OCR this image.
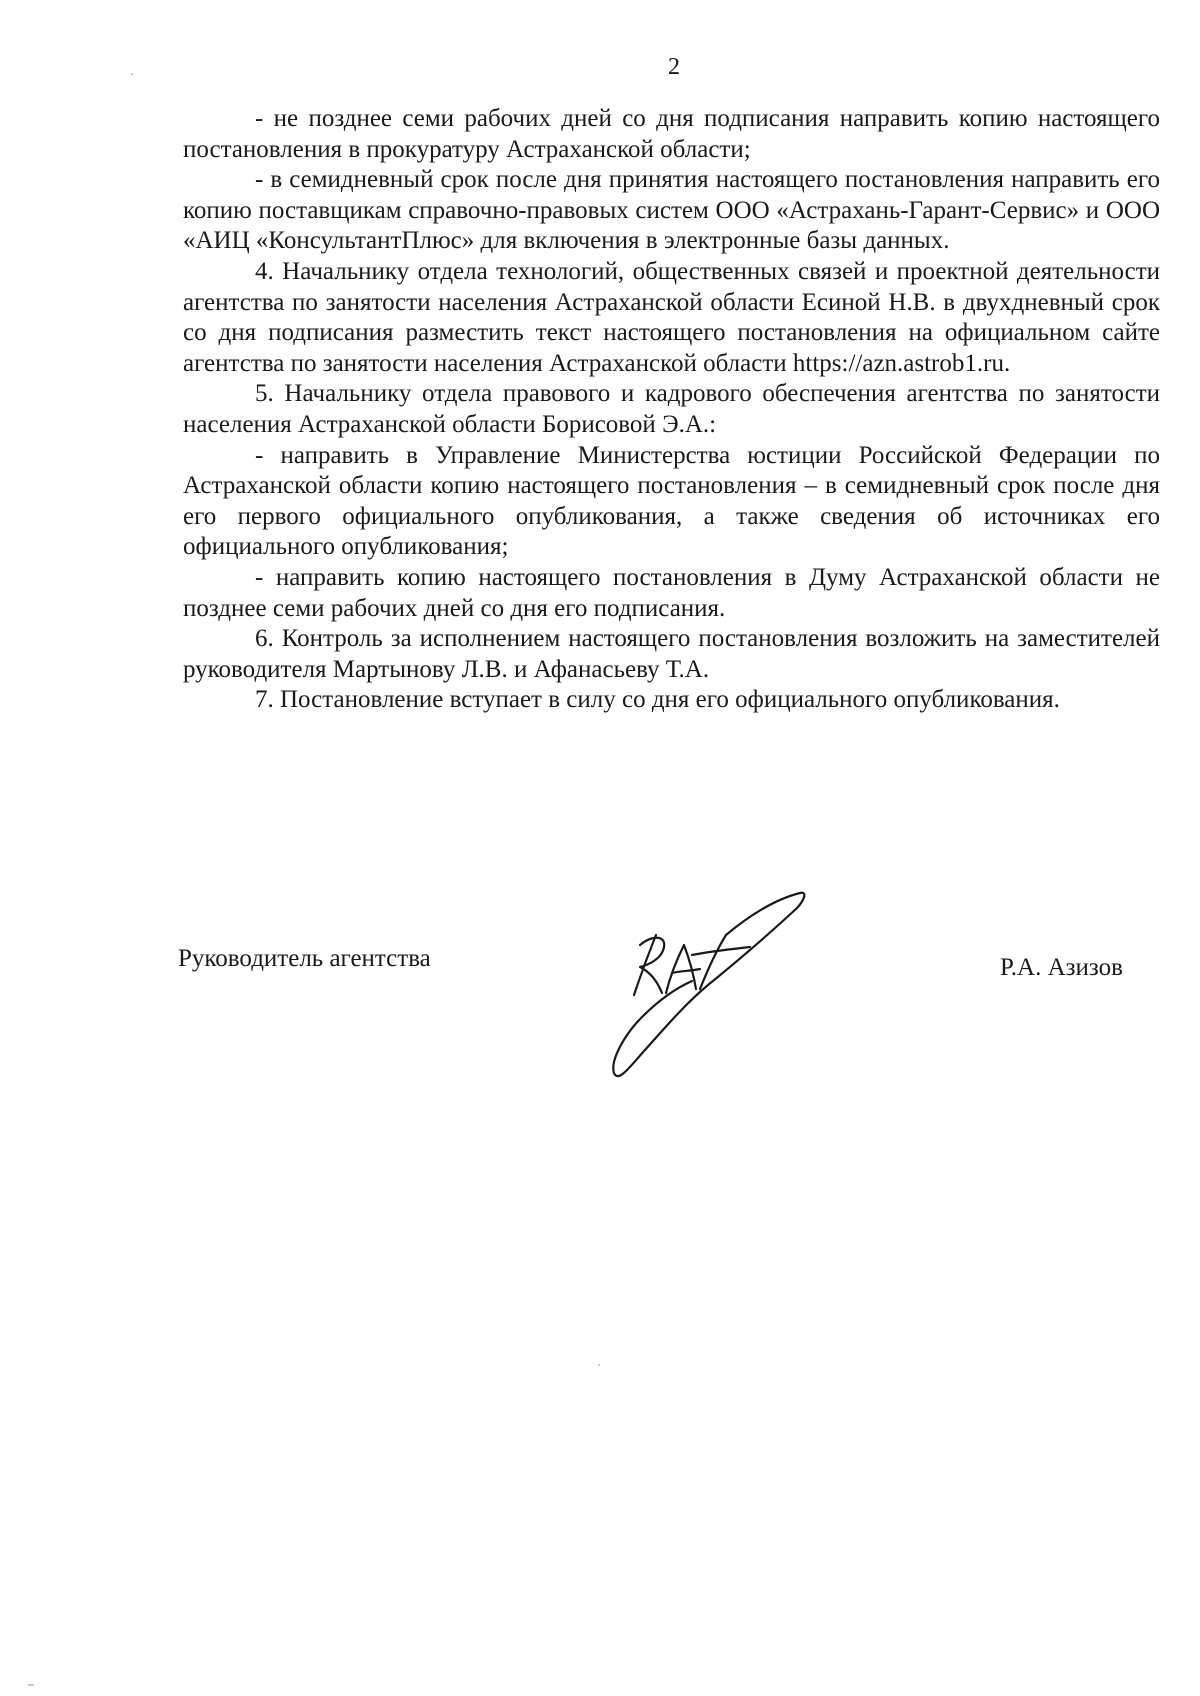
2

- не позднее семи рабочих дней со дня подписания направить копию настоящего постановления в прокуратуру Астраханской области;

- в семидневный срок после дня принятия настоящего постановления направить его копию поставщикам справочно-правовых систем ООО «Астрахань-Гарант-Сервис» и ООО «АИЦ «КонсультантПлюс» для включения в электронные базы данных.

4. Начальнику отдела технологий, общественных связей и проектной деятельности агентства по занятости населения Астраханской области Есиной Н.В. в двухдневный срок со дня подписания разместить текст настоящего постановления на официальном сайте агентства по занятости населения Астраханской области https://azn.astrob1.ru.

5. Начальнику отдела правового и кадрового обеспечения агентства по занятости населения Астраханской области Борисовой Э.А.:

- направить в Управление Министерства юстиции Российской Федерации по Астраханской области копию настоящего постановления – в семидневный срок после дня его первого официального опубликования, а также сведения об источниках его официального опубликования;

- направить копию настоящего постановления в Думу Астраханской области не позднее семи рабочих дней со дня его подписания.

6. Контроль за исполнением настоящего постановления возложить на заместителей руководителя Мартынову Л.В. и Афанасьеву Т.А.

7. Постановление вступает в силу со дня его официального опубликования.

Руководитель агентства	Р.А. Азизов
